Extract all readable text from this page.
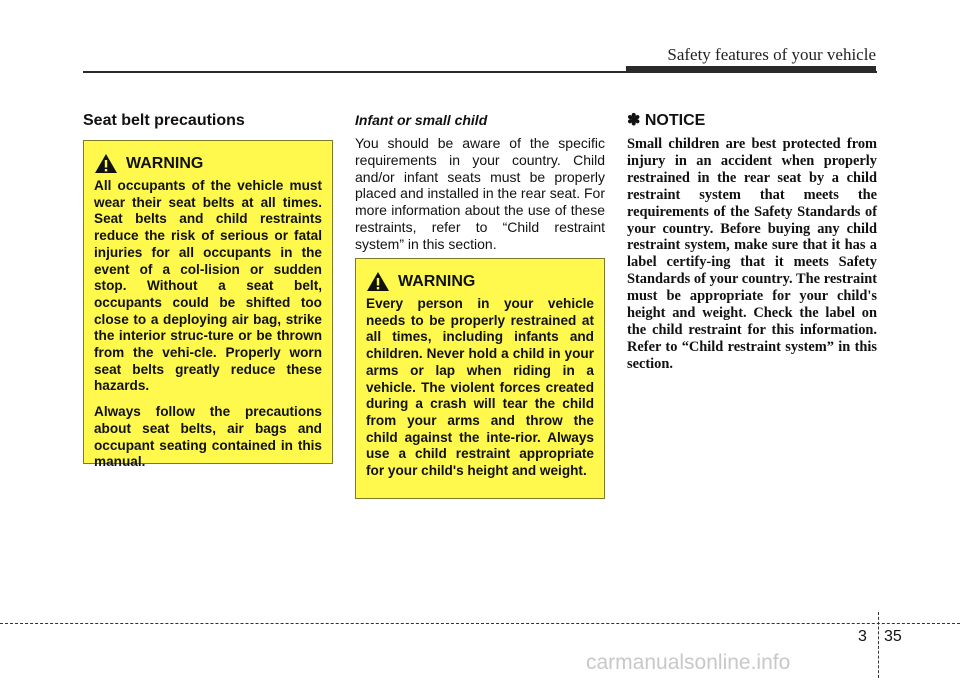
Safety features of your vehicle
Seat belt precautions
WARNING

All occupants of the vehicle must wear their seat belts at all times. Seat belts and child restraints reduce the risk of serious or fatal injuries for all occupants in the event of a col-lision or sudden stop. Without a seat belt, occupants could be shifted too close to a deploying air bag, strike the interior struc-ture or be thrown from the vehi-cle. Properly worn seat belts greatly reduce these hazards.

Always follow the precautions about seat belts, air bags and occupant seating contained in this manual.

Infant or small child

You should be aware of the specific requirements in your country. Child and/or infant seats must be properly placed and installed in the rear seat. For more information about the use of these restraints, refer to “Child restraint system” in this section.

WARNING

Every person in your vehicle needs to be properly restrained at all times, including infants and children. Never hold a child in your arms or lap when riding in a vehicle. The violent forces created during a crash will tear the child from your arms and throw the child against the inte-rior. Always use a child restraint appropriate for your child's height and weight.

✽ NOTICE

Small children are best protected from injury in an accident when properly restrained in the rear seat by a child restraint system that meets the requirements of the Safety Standards of your country. Before buying any child restraint system, make sure that it has a label certify-ing that it meets Safety Standards of your country. The restraint must be appropriate for your child's height and weight. Check the label on the child restraint for this information. Refer to “Child restraint system” in this section.

3 35
carmanualsonline.info
